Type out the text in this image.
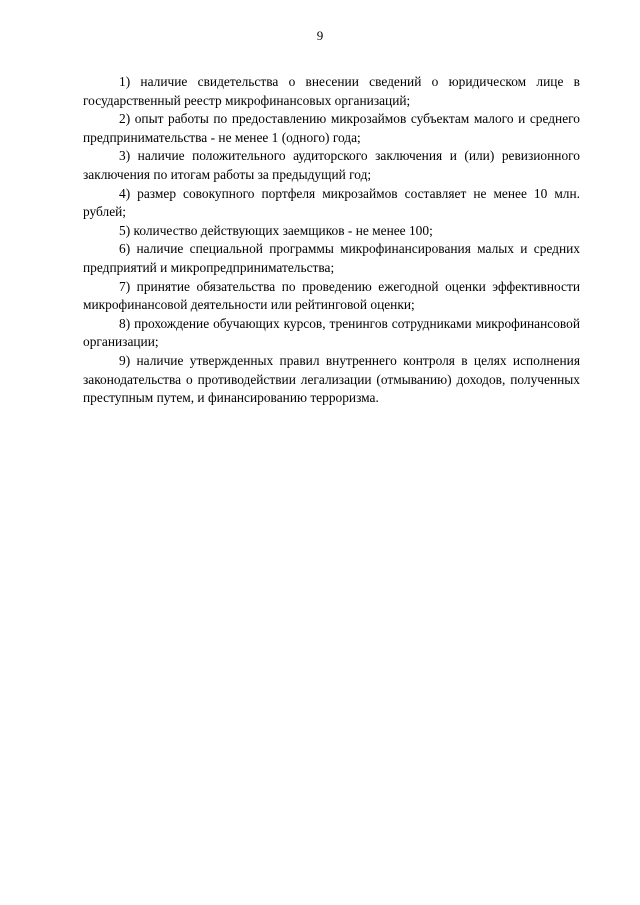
9

1) наличие свидетельства о внесении сведений о юридическом лице в государственный реестр микрофинансовых организаций;

2) опыт работы по предоставлению микрозаймов субъектам малого и среднего предпринимательства - не менее 1 (одного) года;

3) наличие положительного аудиторского заключения и (или) ревизионного заключения по итогам работы за предыдущий год;

4) размер совокупного портфеля микрозаймов составляет не менее 10 млн. рублей;

5) количество действующих заемщиков - не менее 100;

6) наличие специальной программы микрофинансирования малых и средних предприятий и микропредпринимательства;

7) принятие обязательства по проведению ежегодной оценки эффективности микрофинансовой деятельности или рейтинговой оценки;

8) прохождение обучающих курсов, тренингов сотрудниками микрофинансовой организации;

9) наличие утвержденных правил внутреннего контроля в целях исполнения законодательства о противодействии легализации (отмыванию) доходов, полученных преступным путем, и финансированию терроризма.
